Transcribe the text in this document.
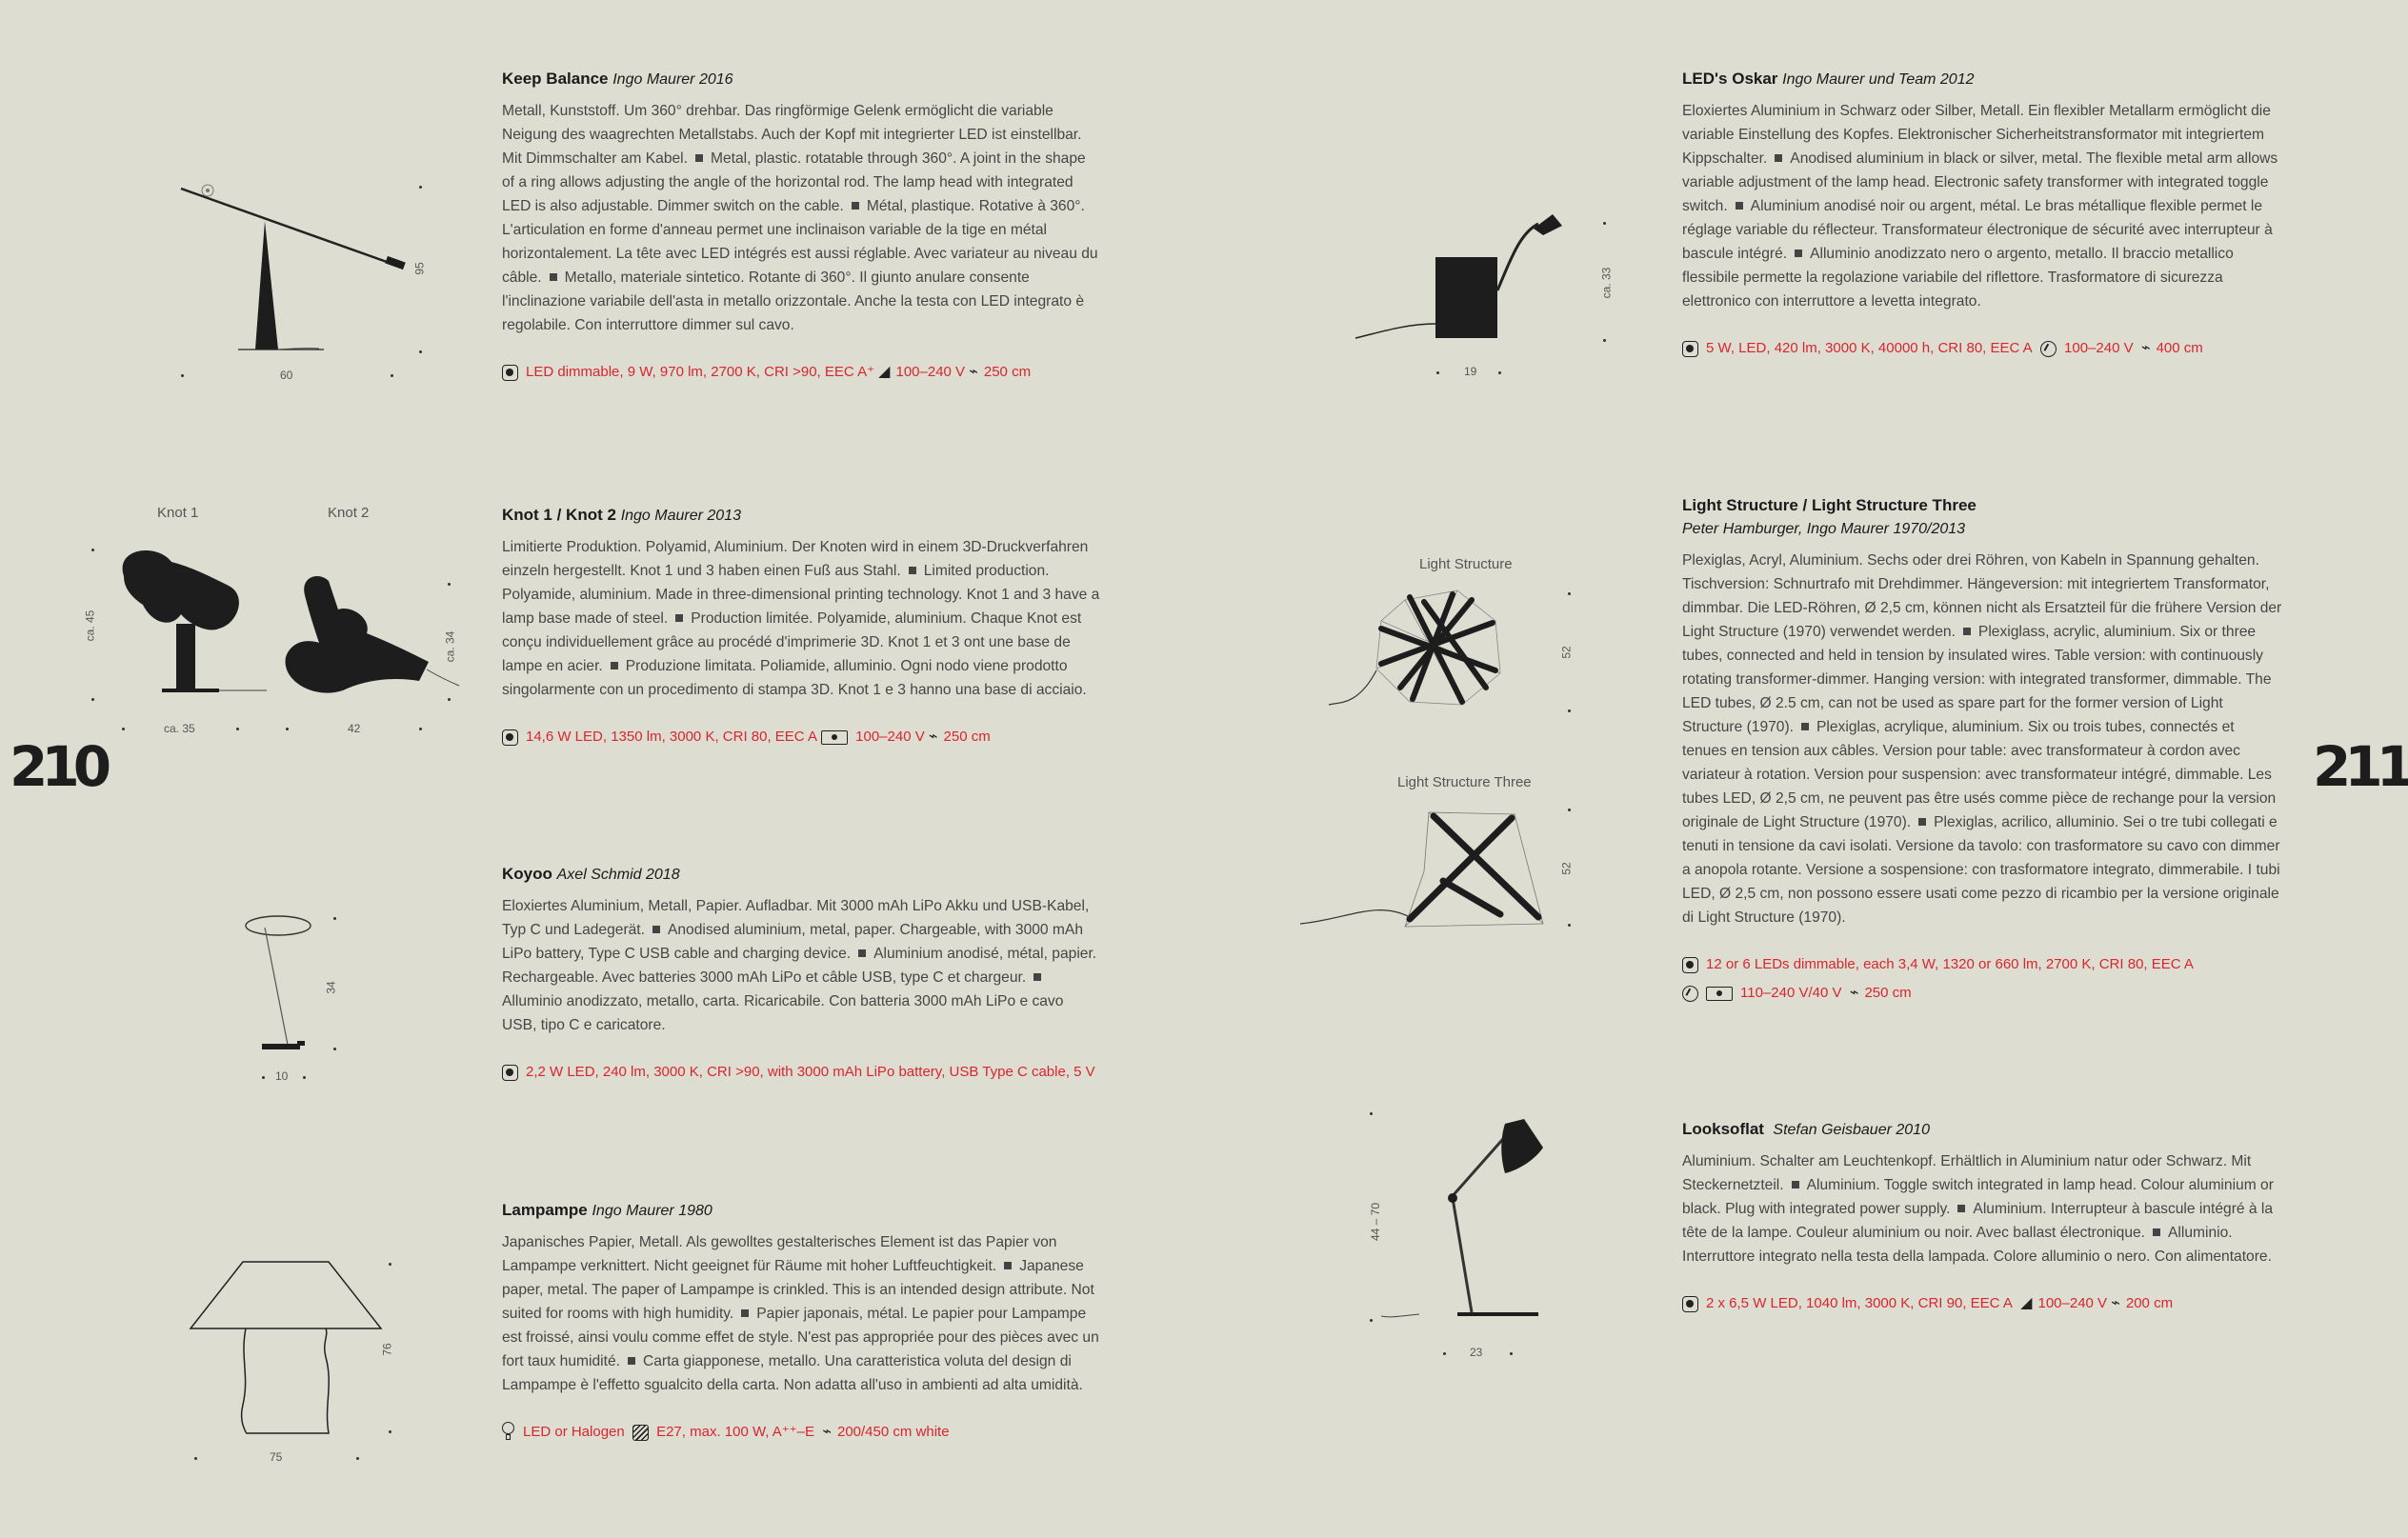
210	211
60
95
Keep Balance Ingo Maurer 2016

Metall, Kunststoff. Um 360° drehbar. Das ringförmige Gelenk ermöglicht die variable Neigung des waagrechten Metallstabs. Auch der Kopf mit integrierter LED ist einstellbar. Mit Dimmschalter am Kabel. Metal, plastic. rotatable through 360°. A joint in the shape of a ring allows adjusting the angle of the horizontal rod. The lamp head with integrated LED is also adjustable. Dimmer switch on the cable. Métal, plastique. Rotative à 360°. L'articulation en forme d'anneau permet une inclinaison variable de la tige en métal horizontalement. La tête avec LED intégrés est aussi réglable. Avec variateur au niveau du câble. Metallo, materiale sintetico. Rotante di 360°. Il giunto anulare consente l'inclinazione variabile dell'asta in metallo orizzontale. Anche la testa con LED integrato è regolabile. Con interruttore dimmer sul cavo.

LED dimmable, 9 W, 970 lm, 2700 K, CRI >90, EEC A⁺
◢ 100–240 V
⌁ 250 cm
Knot 1	Knot 2
ca. 45
ca. 34
ca. 35	42
Knot 1 / Knot 2 Ingo Maurer 2013

Limitierte Produktion. Polyamid, Aluminium. Der Knoten wird in einem 3D-Druckverfahren einzeln hergestellt. Knot 1 und 3 haben einen Fuß aus Stahl. Limited production. Polyamide, aluminium. Made in three-dimensional printing technology. Knot 1 and 3 have a lamp base made of steel. Production limitée. Polyamide, aluminium. Chaque Knot est conçu individuellement grâce au procédé d'imprimerie 3D. Knot 1 et 3 ont une base de lampe en acier. Produzione limitata. Poliamide, alluminio. Ogni nodo viene prodotto singolarmente con un procedimento di stampa 3D. Knot 1 e 3 hanno una base di acciaio.

14,6 W LED, 1350 lm, 3000 K, CRI 80, EEC A
	100–240 V
⌁ 250 cm
34
10
Koyoo Axel Schmid 2018

Eloxiertes Aluminium, Metall, Papier. Aufladbar. Mit 3000 mAh LiPo Akku und USB-Kabel, Typ C und Ladegerät. Anodised aluminium, metal, paper. Chargeable, with 3000 mAh LiPo battery, Type C USB cable and charging device. Aluminium anodisé, métal, papier. Rechargeable. Avec batteries 3000 mAh LiPo et câble USB, type C et chargeur.Alluminio anodizzato, metallo, carta. Ricaricabile. Con batteria 3000 mAh LiPo e cavo USB, tipo C e caricatore.

2,2 W LED, 240 lm, 3000 K, CRI >90, with 3000 mAh LiPo battery, USB Type C cable, 5 V
76
75
Lampampe Ingo Maurer 1980

Japanisches Papier, Metall. Als gewolltes gestalterisches Element ist das Papier von Lampampe verknittert. Nicht geeignet für Räume mit hoher Luftfeuchtigkeit. Japanese paper, metal. The paper of Lampampe is crinkled. This is an intended design attribute. Not suited for rooms with high humidity. Papier japonais, métal. Le papier pour Lampampe est froissé, ainsi voulu comme effet de style. N'est pas appropriée pour des pièces avec un fort taux humidité. Carta giapponese, metallo. Una caratteristica voluta del design di Lampampe è l'effetto sgualcito della carta. Non adatta all'uso in ambienti ad alta umidità.

LED or Halogen
E27, max. 100 W, A⁺⁺–E
⌁ 200/450 cm white
ca. 33
19
LED's Oskar Ingo Maurer und Team 2012

Eloxiertes Aluminium in Schwarz oder Silber, Metall. Ein flexibler Metallarm ermöglicht die variable Einstellung des Kopfes. Elektronischer Sicherheitstransformator mit integriertem Kippschalter. Anodised aluminium in black or silver, metal. The flexible metal arm allows variable adjustment of the lamp head. Electronic safety transformer with integrated toggle switch. Aluminium anodisé noir ou argent, métal. Le bras métallique flexible permet le réglage variable du réflecteur. Transformateur électronique de sécurité avec interrupteur à bascule intégré. Alluminio anodizzato nero o argento, metallo. Il braccio metallico flessibile permette la regolazione variabile del riflettore. Trasformatore di sicurezza elettronico con interruttore a levetta integrato.

5 W, LED, 420 lm, 3000 K, 40000 h, CRI 80, EEC A
100–240 V
⌁ 400 cm
Light Structure
52
Light Structure Three
52
Light Structure / Light Structure Three
Peter Hamburger, Ingo Maurer 1970/2013

Plexiglas, Acryl, Aluminium. Sechs oder drei Röhren, von Kabeln in Spannung gehalten. Tischversion: Schnurtrafo mit Drehdimmer. Hängeversion: mit integriertem Transformator, dimmbar. Die LED-Röhren, Ø 2,5 cm, können nicht als Ersatzteil für die frühere Version der Light Structure (1970) verwendet werden. Plexiglass, acrylic, aluminium. Six or three tubes, connected and held in tension by insulated wires. Table version: with continuously rotating transformer-dimmer. Hanging version: with integrated transformer, dimmable. The LED tubes, Ø 2.5 cm, can not be used as spare part for the former version of Light Structure (1970). Plexiglas, acrylique, aluminium. Six ou trois tubes, connectés et tenues en tension aux câbles. Version pour table: avec transformateur à cordon avec variateur à rotation. Version pour suspension: avec transformateur intégré, dimmable. Les tubes LED, Ø 2,5 cm, ne peuvent pas être usés comme pièce de rechange pour la version originale de Light Structure (1970). Plexiglas, acrilico, alluminio. Sei o tre tubi collegati e tenuti in tensione da cavi isolati. Versione da tavolo: con trasformatore su cavo con dimmer a anopola rotante. Versione a sospensione: con trasformatore integrato, dimmerabile. I tubi LED, Ø 2,5 cm, non possono essere usati come pezzo di ricambio per la versione originale di Light Structure (1970).

12 or 6 LEDs dimmable, each 3,4 W, 1320 or 660 lm, 2700 K, CRI 80, EEC A
110–240 V/40 V
⌁ 250 cm
44 – 70
23
Looksoflat Stefan Geisbauer 2010

Aluminium. Schalter am Leuchtenkopf. Erhältlich in Aluminium natur oder Schwarz. Mit Steckernetzteil. Aluminium. Toggle switch integrated in lamp head. Colour aluminium or black. Plug with integrated power supply. Aluminium. Interrupteur à bascule intégré à la tête de la lampe. Couleur aluminium ou noir. Avec ballast électronique. Alluminio. Interruttore integrato nella testa della lampada. Colore alluminio o nero. Con alimentatore.

2 x 6,5 W LED, 1040 lm, 3000 K, CRI 90, EEC A
◢ 100–240 V
⌁ 200 cm
